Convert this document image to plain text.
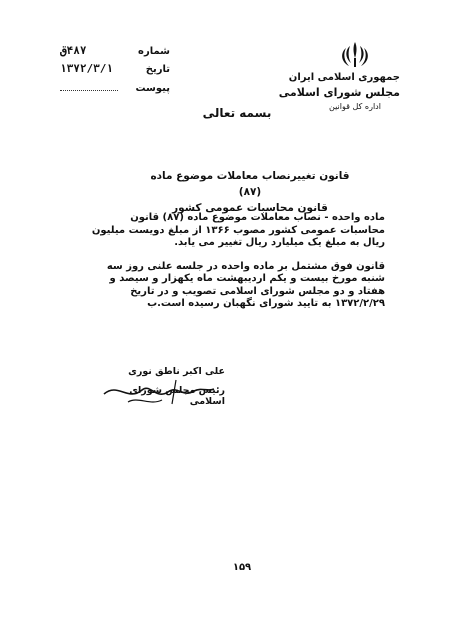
جمهوری اسلامی ایران
مجلس شورای اسلامی
اداره کل قوانین
شماره
۴۸۷ق
تاریخ
۱۳۷۲/۳/۱
پیوست
بسمه تعالی
قانون تغییرنصاب معاملات موضوع ماده (۸۷)
قانون محاسبات عمومی کشور

ماده واحده - نصاب معاملات موضوع ماده (۸۷) قانون محاسبات عمومی کشور مصوب ۱۳۶۶ از مبلغ دویست میلیون ریال به مبلغ یک میلیارد ریال تغییر می یابد.

قانون فوق مشتمل بر ماده واحده در جلسه علنی روز سه شنبه مورخ بیست و یکم اردیبهشت ماه یکهزار و سیصد و هفتاد و دو مجلس شورای اسلامی تصویب و در تاریخ ۱۳۷۲/۲/۲۹ به تایید شورای نگهبان رسیده است.ب

علی اکبر ناطق نوری
رئیس مجلس شورای اسلامی
۱۵۹
